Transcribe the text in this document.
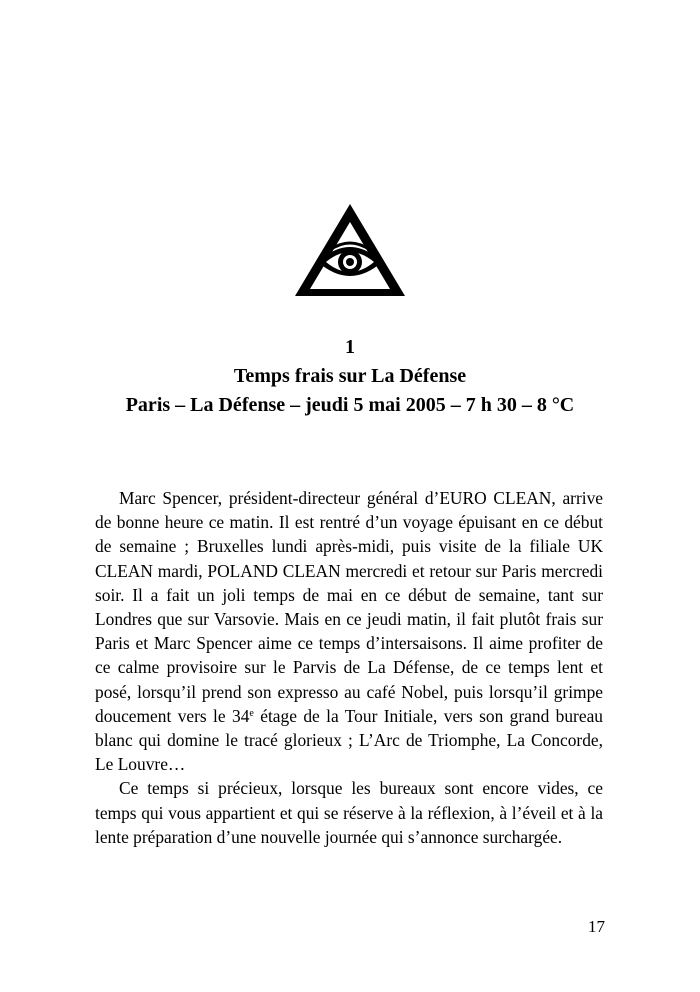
1
Temps frais sur La Défense
Paris – La Défense – jeudi 5 mai 2005 – 7 h 30 – 8 °C

Marc Spencer, président-directeur général d’EURO CLEAN, arrive de bonne heure ce matin. Il est rentré d’un voyage épuisant en ce début de semaine ; Bruxelles lundi après-midi, puis visite de la filiale UK CLEAN mardi, POLAND CLEAN mercredi et retour sur Paris mercredi soir. Il a fait un joli temps de mai en ce début de semaine, tant sur Londres que sur Varsovie. Mais en ce jeudi matin, il fait plutôt frais sur Paris et Marc Spencer aime ce temps d’intersaisons. Il aime profiter de ce calme provisoire sur le Parvis de La Défense, de ce temps lent et posé, lorsqu’il prend son expresso au café Nobel, puis lorsqu’il grimpe doucement vers le 34e étage de la Tour Initiale, vers son grand bureau blanc qui domine le tracé glorieux ; L’Arc de Triomphe, La Concorde, Le Louvre…

Ce temps si précieux, lorsque les bureaux sont encore vides, ce temps qui vous appartient et qui se réserve à la réflexion, à l’éveil et à la lente préparation d’une nouvelle journée qui s’annonce surchargée.

17
